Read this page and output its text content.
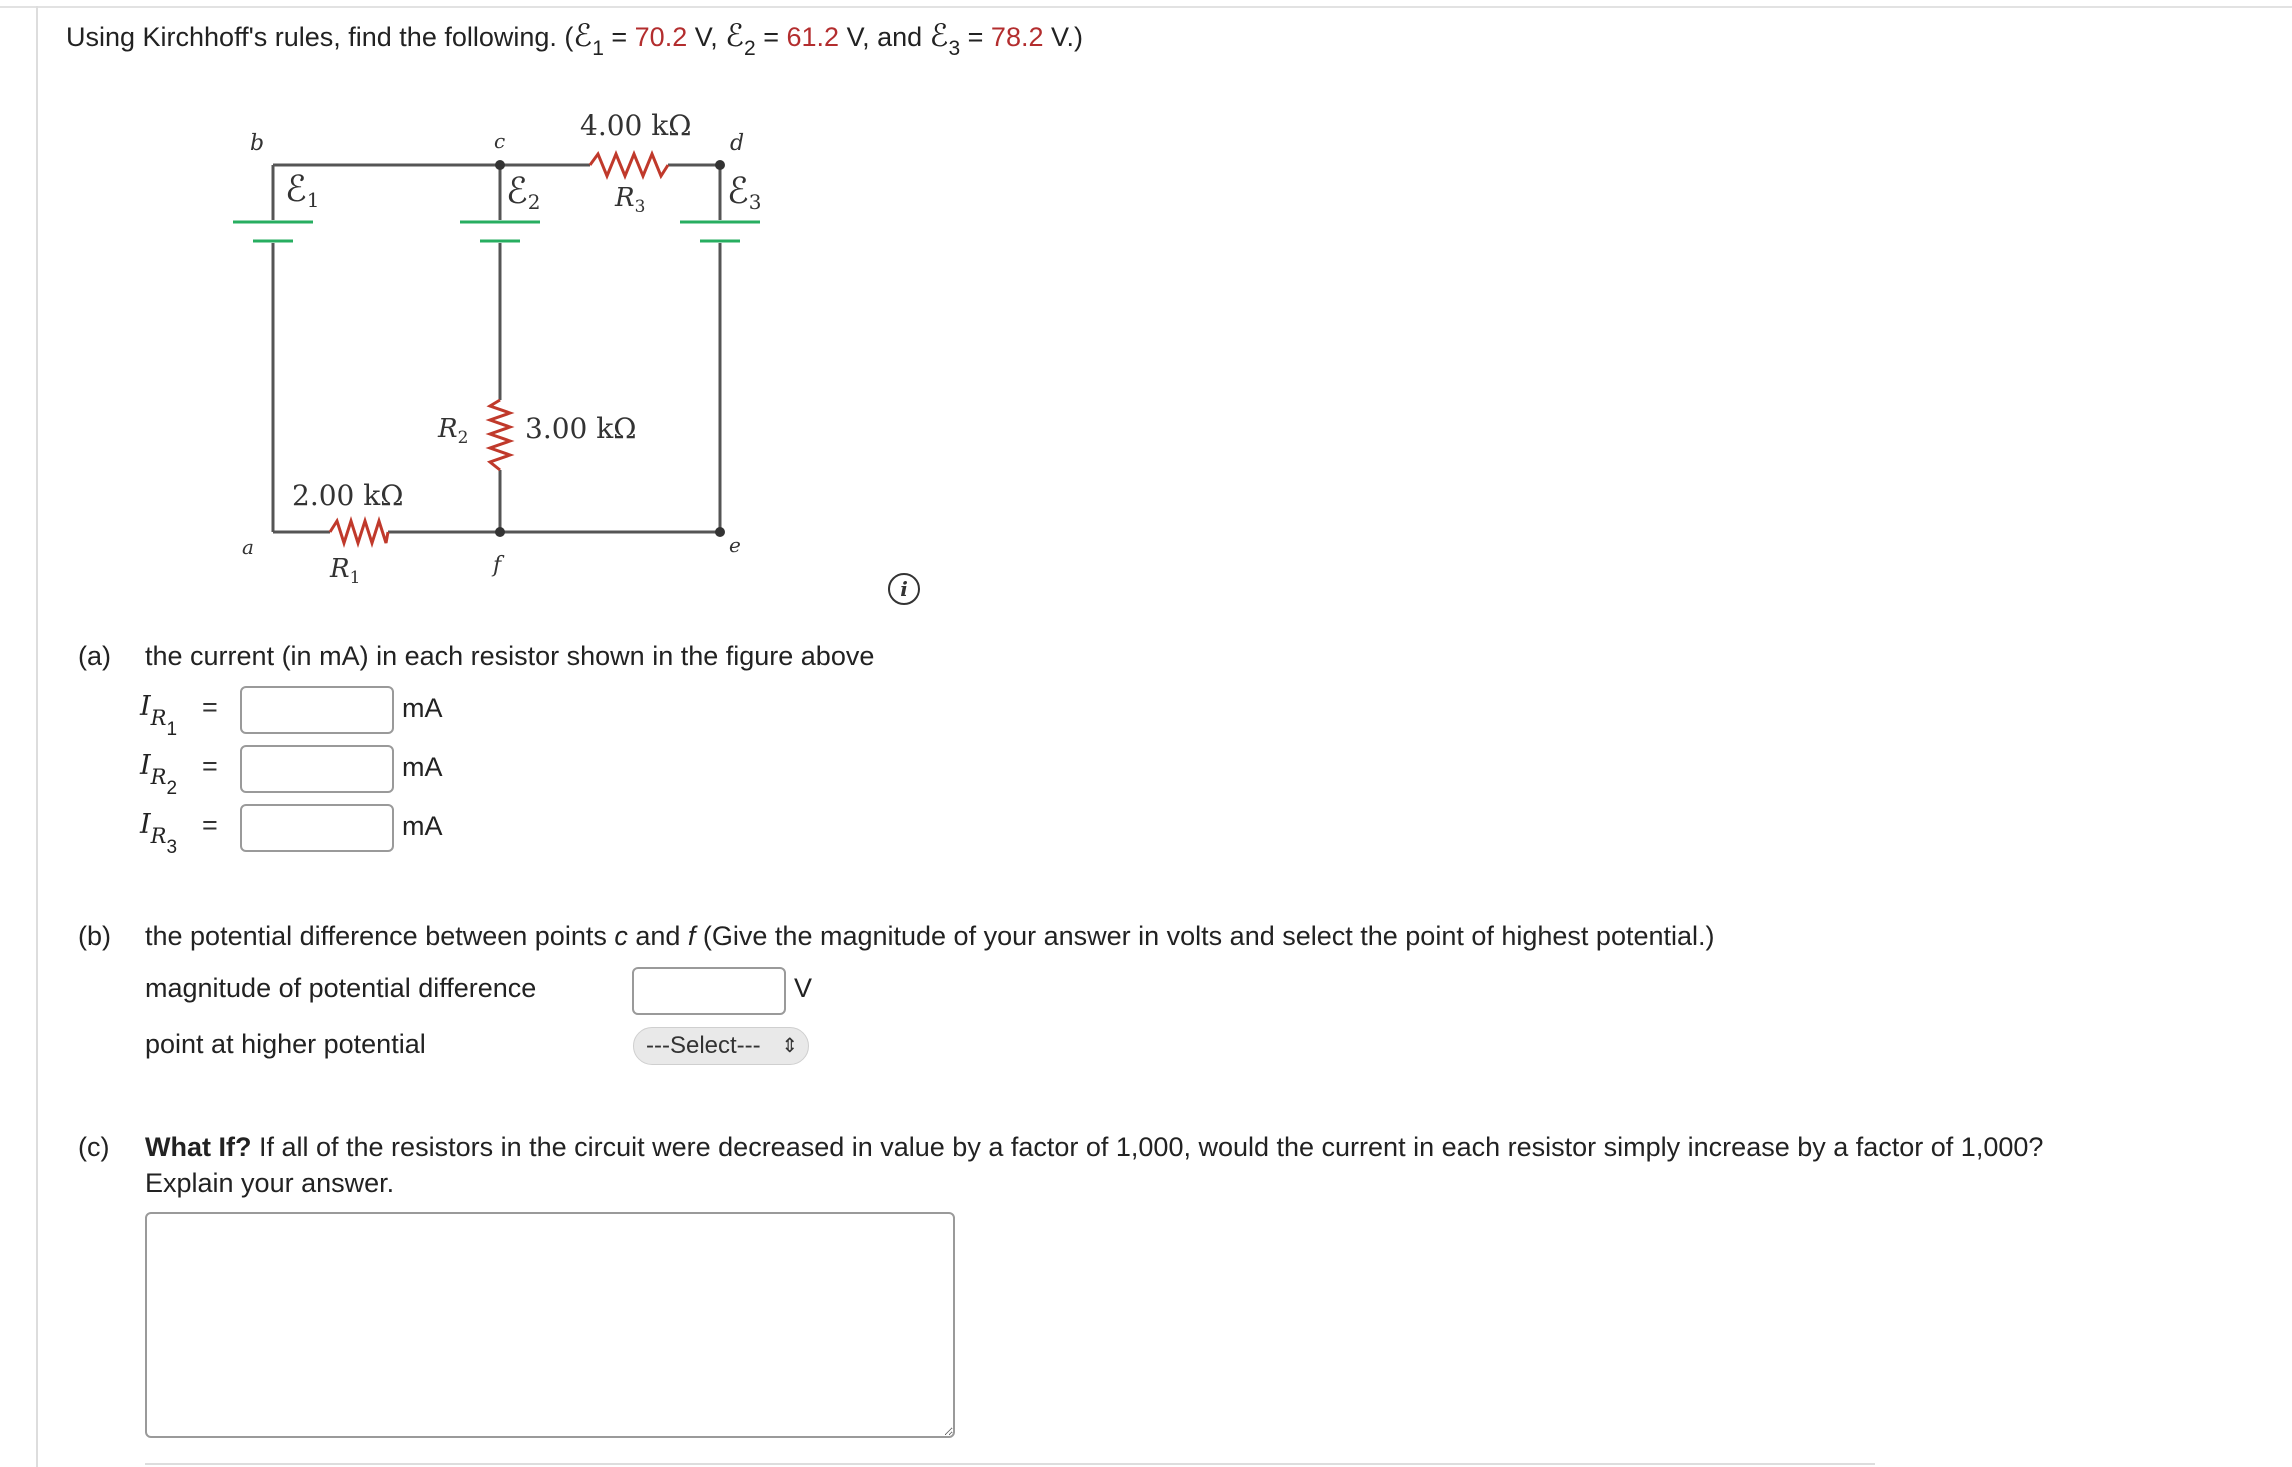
Using Kirchhoff's rules, find the following. (ℰ$_1$ = 70.2 V, ℰ$_2$ = 61.2 V, and ℰ$_3$ = 78.2 V.)
b	c	d
a
f
e
ℰ1	ℰ2	ℰ3
4.00 kΩ
$R_3$
$R_2$ 3.00 kΩ
2.00 kΩ
$R_1$	i
(a) the current (in mA) in each resistor shown in the figure above
$I_{R1}$
=	mA
$I_{R2}$
=	mA
$I_{R3}$
=	mA
(b) the potential difference between points c and f (Give the magnitude of your answer in volts and select the point of highest potential.)
magnitude of potential difference	V
point at higher potential	---Select--- ⇕
(c) What If? If all of the resistors in the circuit were decreased in value by a factor of 1,000, would the current in each resistor simply increase by a factor of 1,000?
Explain your answer.
